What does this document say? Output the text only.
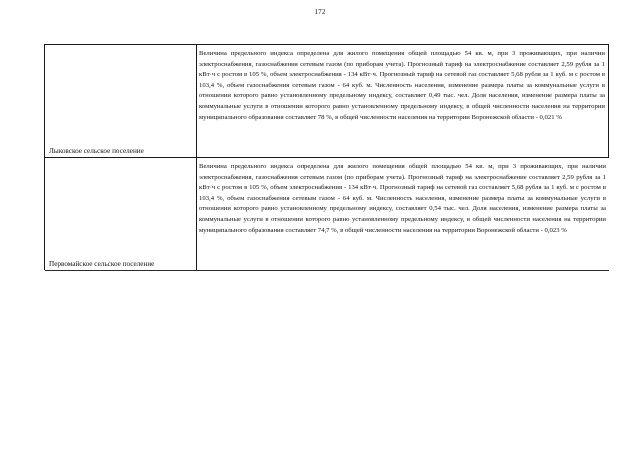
172
Лыковское сельское поселение
Величина предельного индекса определена для жилого помещения общей площадью 54 кв. м, при 3 проживающих, при наличии электроснабжения, газоснабжения сетевым газом (по приборам учета). Прогнозный тариф на электроснабжение составляет 2,59 рубля за 1 кВт·ч с ростом в 105 %, объем электроснабжения - 134 кВт·ч. Прогнозный тариф на сетевой газ составляет 5,68 рубля за 1 куб. м с ростом в 103,4 %, объем газоснабжения сетевым газом - 64 куб. м. Численность населения, изменение размера платы за коммунальные услуги в отношении которого равно установленному предельному индексу, составляет 0,49 тыс. чел. Доля населения, изменение размера платы за коммунальные услуги в отношении которого равно установленному предельному индексу, в общей численности населения на территории муниципального образования составляет 78 %, в общей численности населения на территории Воронежской области - 0,021 %
Первомайское сельское поселение
Величина предельного индекса определена для жилого помещения общей площадью 54 кв. м, при 3 проживающих, при наличии электроснабжения, газоснабжения сетевым газом (по приборам учета). Прогнозный тариф на электроснабжение составляет 2,59 рубля за 1 кВт·ч с ростом в 105 %, объем электроснабжения - 134 кВт·ч. Прогнозный тариф на сетевой газ составляет 5,68 рубля за 1 куб. м с ростом в 103,4 %, объем газоснабжения сетевым газом - 64 куб. м. Численность населения, изменение размера платы за коммунальные услуги в отношении которого равно установленному предельному индексу, составляет 0,54 тыс. чел. Доля населения, изменение размера платы за коммунальные услуги в отношении которого равно установленному предельному индексу, в общей численности населения на территории муниципального образования составляет 74,7 %, в общей численности населения на территории Воронежской области - 0,023 %
